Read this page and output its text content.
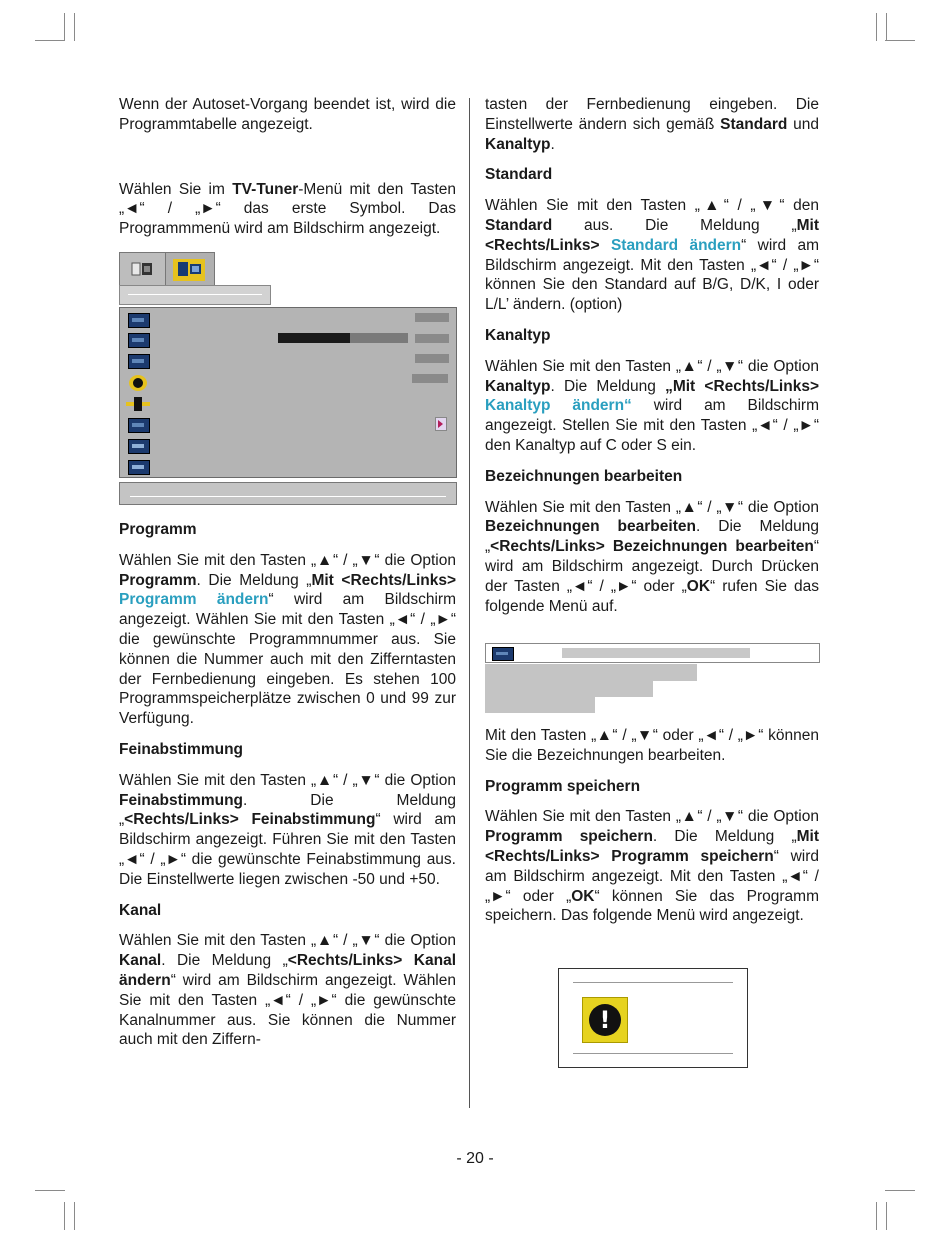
Wenn der Autoset-Vorgang beendet ist, wird die Programmtabelle angezeigt.

Wählen Sie im TV-Tuner-Menü mit den Tasten „◄“ / „►“ das erste Symbol. Das Programmmenü wird am Bildschirm angezeigt.

Programm

Wählen Sie mit den Tasten „▲“ / „▼“ die Option Programm. Die Meldung „Mit <Rechts/Links> Programm ändern“ wird am Bildschirm angezeigt. Wählen Sie mit den Tasten „◄“ / „►“ die gewünschte Programmnummer aus. Sie können die Nummer auch mit den Zifferntasten der Fernbedienung eingeben. Es stehen 100 Programmspeicherplätze zwischen 0 und 99 zur Verfügung.

Feinabstimmung

Wählen Sie mit den Tasten „▲“ / „▼“ die Option Feinabstimmung. Die Meldung „<Rechts/Links> Feinabstimmung“ wird am Bildschirm angezeigt. Führen Sie mit den Tasten „◄“ / „►“ die gewünschte Feinabstimmung aus. Die Einstellwerte liegen zwischen -50 und +50.

Kanal

Wählen Sie mit den Tasten „▲“ / „▼“ die Option Kanal. Die Meldung „<Rechts/Links> Kanal ändern“ wird am Bildschirm angezeigt. Wählen Sie mit den Tasten „◄“ / „►“ die gewünschte Kanalnummer aus. Sie können die Nummer auch mit den Ziffern-

tasten der Fernbedienung eingeben. Die Einstellwerte ändern sich gemäß Standard und Kanaltyp.

Standard

Wählen Sie mit den Tasten „▲“ / „▼“ den Standard aus. Die Meldung „Mit <Rechts/Links> Standard ändern“ wird am Bildschirm angezeigt. Mit den Tasten „◄“ / „►“ können Sie den Standard auf B/G, D/K, I oder L/L’ ändern. (option)

Kanaltyp

Wählen Sie mit den Tasten „▲“ / „▼“ die Option Kanaltyp. Die Meldung „Mit <Rechts/Links> Kanaltyp ändern“ wird am Bildschirm angezeigt. Stellen Sie mit den Tasten „◄“ / „►“ den Kanaltyp auf C oder S ein.

Bezeichnungen bearbeiten

Wählen Sie mit den Tasten „▲“ / „▼“ die Option Bezeichnungen bearbeiten. Die Meldung „<Rechts/Links> Bezeichnungen bearbeiten“ wird am Bildschirm angezeigt. Durch Drücken der Tasten „◄“ / „►“ oder „OK“ rufen Sie das folgende Menü auf.

Mit den Tasten „▲“ / „▼“ oder „◄“ / „►“ können Sie die Bezeichnungen bearbeiten.

Programm speichern

Wählen Sie mit den Tasten „▲“ / „▼“ die Option Programm speichern. Die Meldung „Mit <Rechts/Links> Programm speichern“ wird am Bildschirm angezeigt. Mit den Tasten „◄“ / „►“ oder „OK“ können Sie das Programm speichern. Das folgende Menü wird angezeigt.

!
- 20 -
